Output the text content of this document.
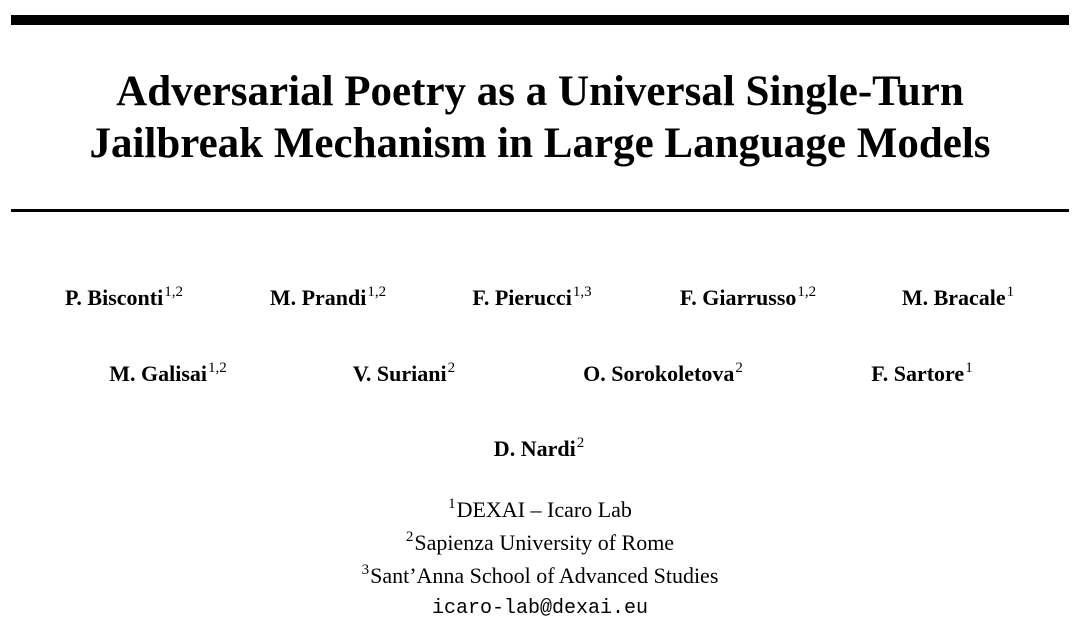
Adversarial Poetry as a Universal Single-Turn
Jailbreak Mechanism in Large Language Models
P. Bisconti$^{1,2}$	M. Prandi$^{1,2}$	F. Pierucci$^{1,3}$	F. Giarrusso$^{1,2}$	M. Bracale$^1$
M. Galisai$^{1,2}$	V. Suriani$^2$	O. Sorokoletova$^2$	F. Sartore$^1$
D. Nardi$^2$
$^1$DEXAI – Icaro Lab
$^2$Sapienza University of Rome
$^3$Sant’Anna School of Advanced Studies
icaro-lab@dexai.eu
